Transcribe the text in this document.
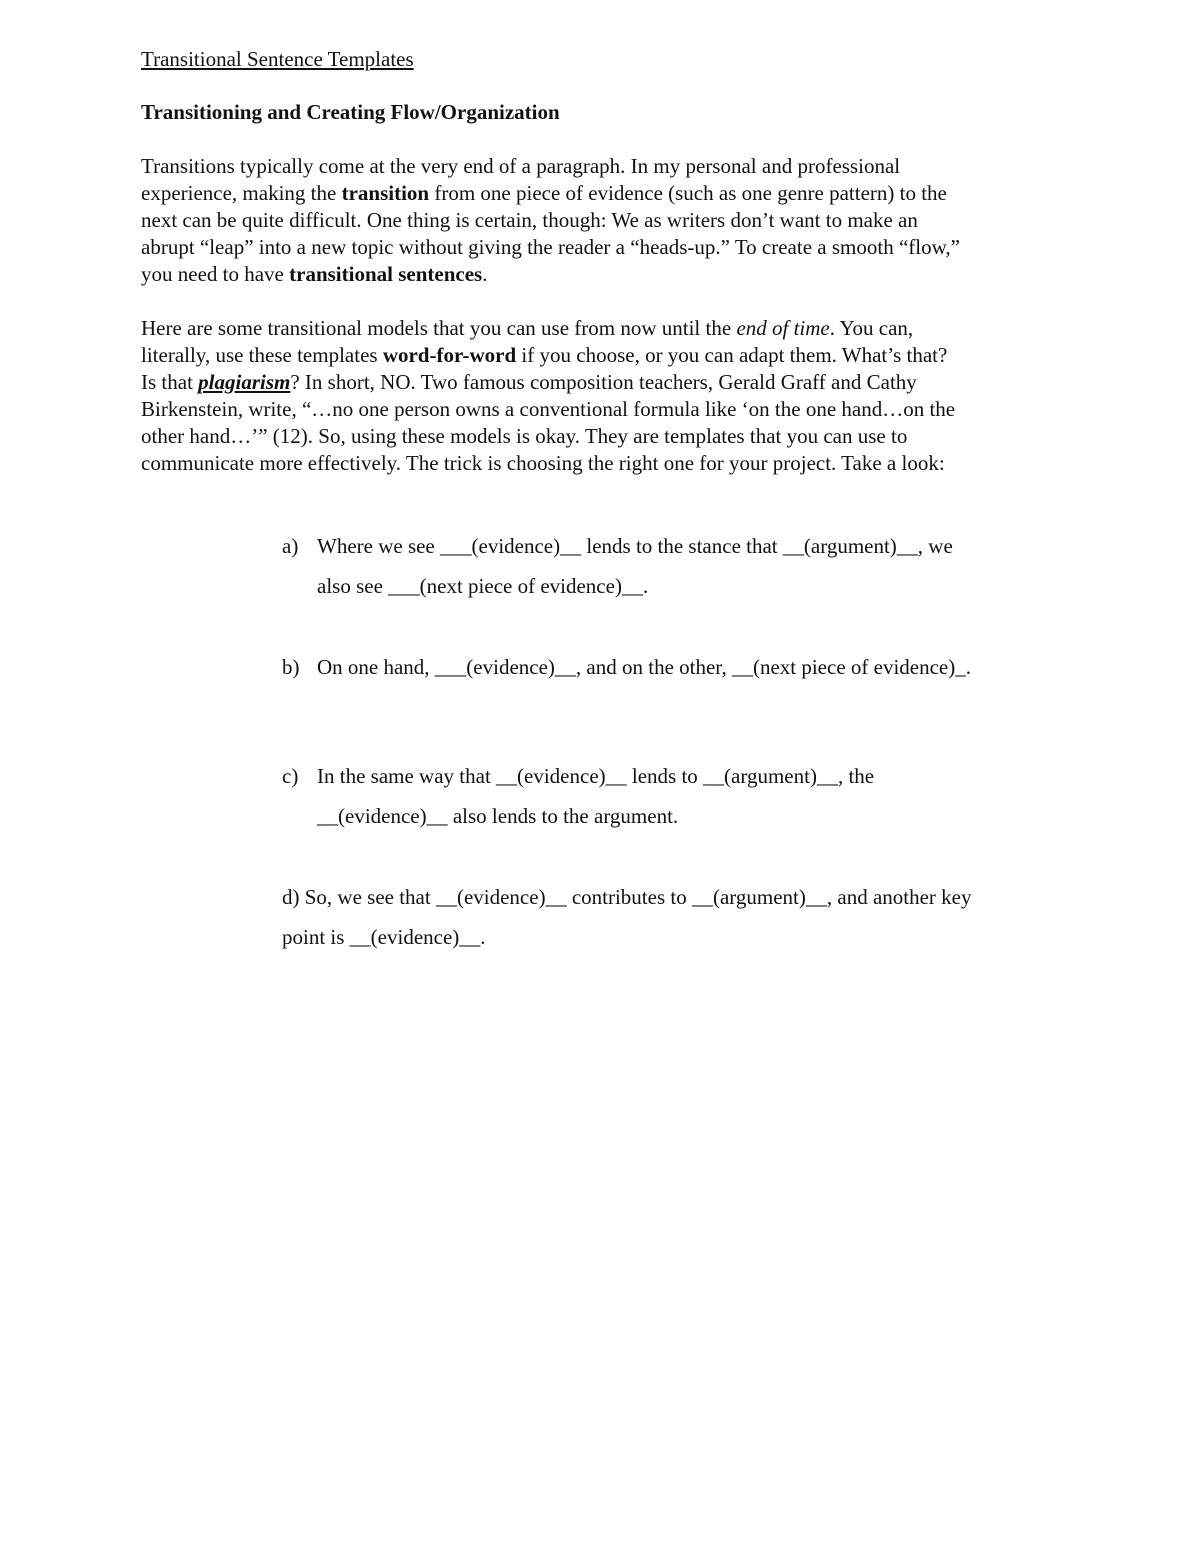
Transitional Sentence Templates
Transitioning and Creating Flow/Organization
Transitions typically come at the very end of a paragraph. In my personal and professional
experience, making the transition from one piece of evidence (such as one genre pattern) to the
next can be quite difficult. One thing is certain, though: We as writers don’t want to make an
abrupt “leap” into a new topic without giving the reader a “heads-up.” To create a smooth “flow,”
you need to have transitional sentences.
Here are some transitional models that you can use from now until the end of time. You can,
literally, use these templates word-for-word if you choose, or you can adapt them. What’s that?
Is that plagiarism? In short, NO. Two famous composition teachers, Gerald Graff and Cathy
Birkenstein, write, “…no one person owns a conventional formula like ‘on the one hand…on the
other hand…’” (12). So, using these models is okay. They are templates that you can use to
communicate more effectively. The trick is choosing the right one for your project. Take a look:
a) Where we see ___(evidence)__ lends to the stance that __(argument)__, we
also see ___(next piece of evidence)__.
b) On one hand, ___(evidence)__, and on the other, __(next piece of evidence)_.
c) In the same way that __(evidence)__ lends to __(argument)__, the
__(evidence)__ also lends to the argument.
d) So, we see that __(evidence)__ contributes to __(argument)__, and another key
point is __(evidence)__.
